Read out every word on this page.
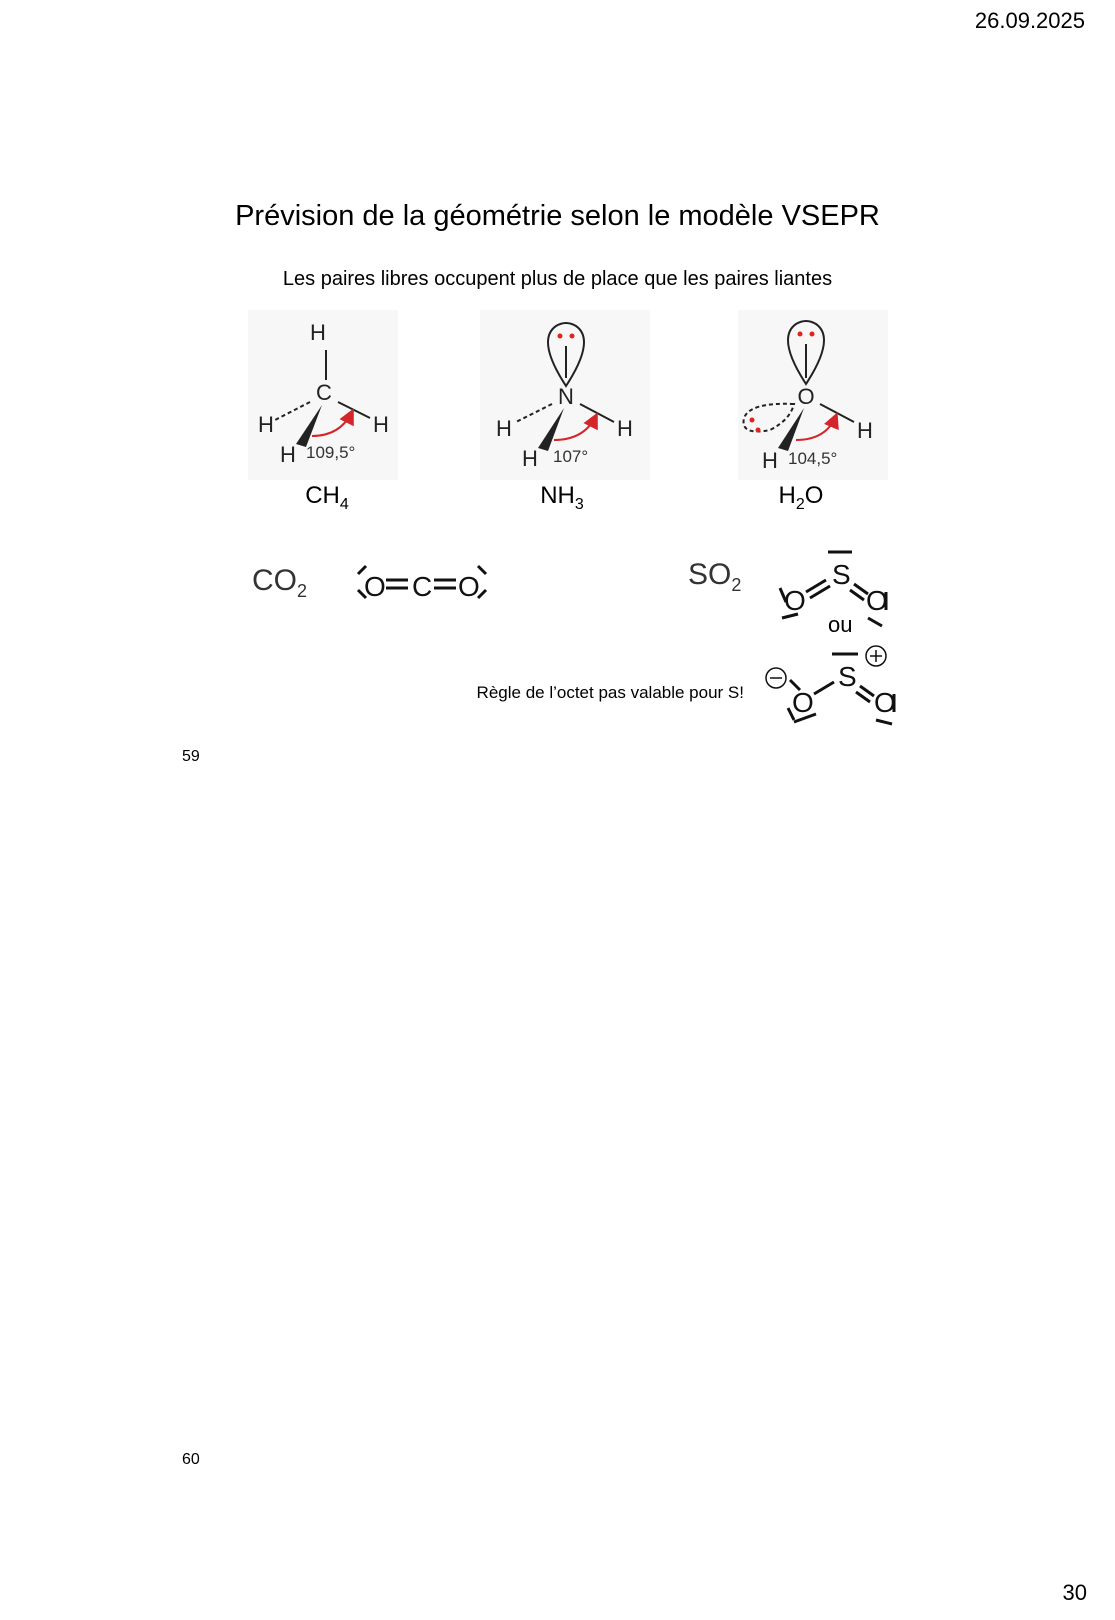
26.09.2025
Prévision de la géométrie selon le modèle VSEPR
Les paires libres occupent plus de place que les paires liantes
H
C
H	H
H
N
H	H
H
O
H
H
O C O	S
O O
S
O O
109,5°	107°	104,5°
$CH_4$	$NH_3$	$H_2O$
$CO_2$	$SO_2$
ou
Règle de l’octet pas valable pour S!
59
60
30
